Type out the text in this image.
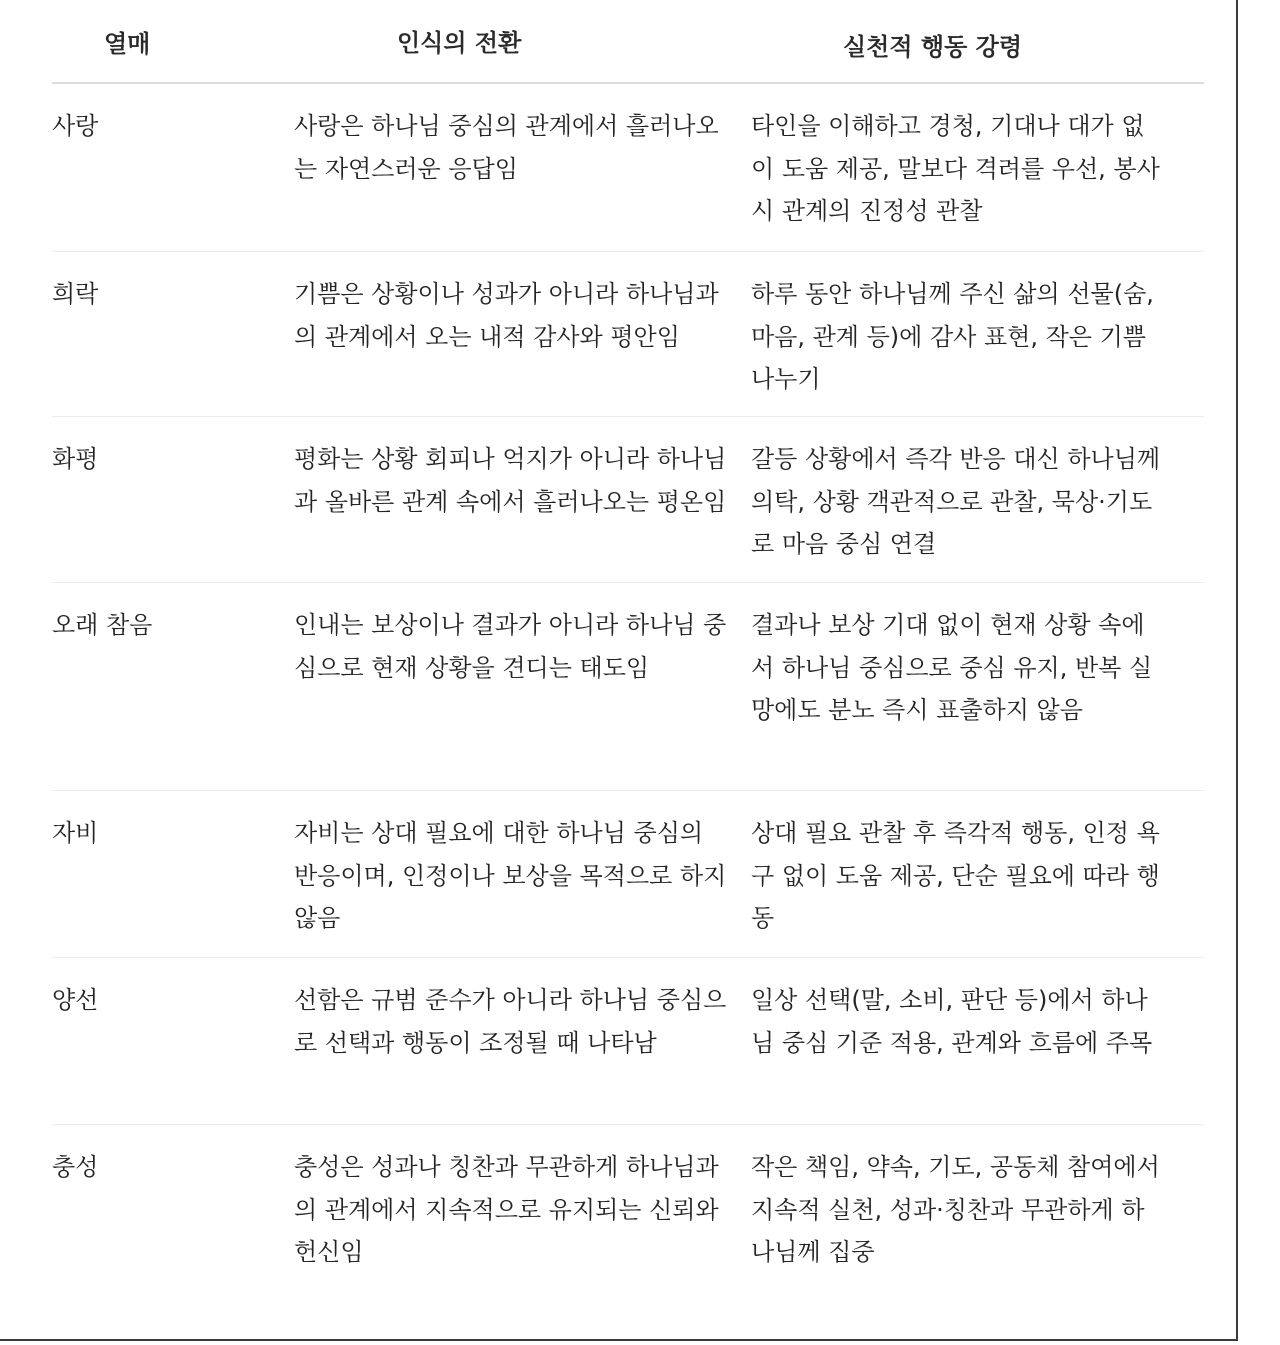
열매	인식의 전환	실천적 행동 강령
사랑	사랑은 하나님 중심의 관계에서 흘러나오는 자연스러운 응답임	타인을 이해하고 경청, 기대나 대가 없이 도움 제공, 말보다 격려를 우선, 봉사 시 관계의 진정성 관찰
희락	기쁨은 상황이나 성과가 아니라 하나님과의 관계에서 오는 내적 감사와 평안임	하루 동안 하나님께 주신 삶의 선물(숨, 마음, 관계 등)에 감사 표현, 작은 기쁨 나누기
화평	평화는 상황 회피나 억지가 아니라 하나님과 올바른 관계 속에서 흘러나오는 평온임	갈등 상황에서 즉각 반응 대신 하나님께 의탁, 상황 객관적으로 관찰, 묵상·기도로 마음 중심 연결
오래 참음	인내는 보상이나 결과가 아니라 하나님 중심으로 현재 상황을 견디는 태도임	결과나 보상 기대 없이 현재 상황 속에서 하나님 중심으로 중심 유지, 반복 실망에도 분노 즉시 표출하지 않음
자비	자비는 상대 필요에 대한 하나님 중심의 반응이며, 인정이나 보상을 목적으로 하지 않음	상대 필요 관찰 후 즉각적 행동, 인정 욕구 없이 도움 제공, 단순 필요에 따라 행동
양선	선함은 규범 준수가 아니라 하나님 중심으로 선택과 행동이 조정될 때 나타남	일상 선택(말, 소비, 판단 등)에서 하나님 중심 기준 적용, 관계와 흐름에 주목
충성	충성은 성과나 칭찬과 무관하게 하나님과의 관계에서 지속적으로 유지되는 신뢰와 헌신임	작은 책임, 약속, 기도, 공동체 참여에서 지속적 실천, 성과·칭찬과 무관하게 하나님께 집중
